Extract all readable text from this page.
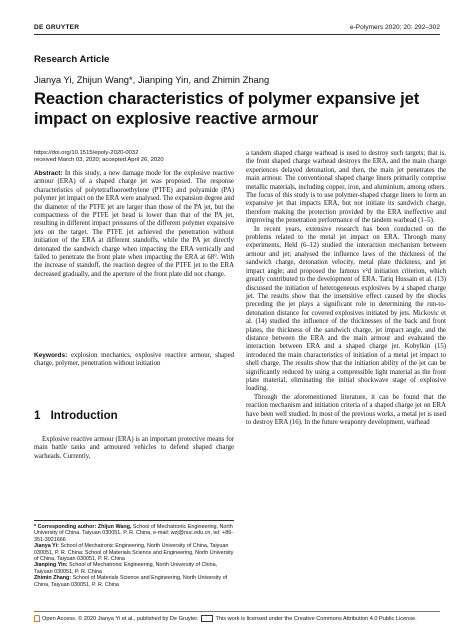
DE GRUYTER	e-Polymers 2020; 20: 292–302
Research Article
Jianya Yi, Zhijun Wang*, Jianping Yin, and Zhimin Zhang
Reaction characteristics of polymer expansive jet impact on explosive reactive armour
https://doi.org/10.1515/epoly-2020-0032
received March 03, 2020; accepted April 26, 2020
Abstract: In this study, a new damage mode for the explosive reactive armour (ERA) of a shaped charge jet was proposed. The response characteristics of polytetrafluoroethylene (PTFE) and polyamide (PA) polymer jet impact on the ERA were analysed. The expansion degree and the diameter of the PTFE jet are larger than those of the PA jet, but the compactness of the PTFE jet head is lower than that of the PA jet, resulting in different impact pressures of the different polymer expansive jets on the target. The PTFE jet achieved the penetration without initiation of the ERA at different standoffs, while the PA jet directly detonated the sandwich charge when impacting the ERA vertically and failed to penetrate the front plate when impacting the ERA at 68°. With the increase of standoff, the reaction degree of the PTFE jet to the ERA decreased gradually, and the aperture of the front plate did not change.
Keywords: explosion mechanics, explosive reactive armour, shaped charge, polymer, penetration without initiation
1 Introduction
Explosive reactive armour (ERA) is an important protective means for main battle tanks and armoured vehicles to defend shaped charge warheads. Currently,

* Corresponding author: Zhijun Wang, School of Mechatronic Engineering, North University of China, Taiyuan 030051, P. R. China, e-mail: wzj@nuc.edu.cn, tel: +86-351-3921666

Jianya Yi: School of Mechatronic Engineering, North University of China, Taiyuan 030051, P. R. China; School of Materials Science and Engineering, North University of China, Taiyuan 030051, P. R. China

Jianping Yin: School of Mechatronic Engineering, North University of China, Taiyuan 030051, P. R. China

Zhimin Zhang: School of Materials Science and Engineering, North University of China, Taiyuan 030051, P. R. China

a tandem shaped charge warhead is used to destroy such targets; that is, the front shaped charge warhead destroys the ERA, and the main charge experiences delayed detonation, and then, the main jet penetrates the main armour. The conventional shaped charge liners primarily comprise metallic materials, including copper, iron, and aluminium, among others. The focus of this study is to use polymer-shaped charge liners to form an expansive jet that impacts ERA, but not initiate its sandwich charge, therefore making the protection provided by the ERA ineffective and improving the penetration performance of the tandem warhead (1–5).

In recent years, extensive research has been conducted on the problems related to the metal jet impact on ERA. Through many experiments, Held (6–12) studied the interaction mechanism between armour and jet; analysed the influence laws of the thickness of the sandwich charge, detonation velocity, metal plate thickness, and jet impact angle; and proposed the famous v²d initiation criterion, which greatly contributed to the development of ERA. Tariq Hussain et al. (13) discussed the initiation of heterogeneous explosives by a shaped charge jet. The results show that the insensitive effect caused by the shocks preceding the jet plays a significant role in determining the run-to-detonation distance for covered explosives initiated by jets. Mickovic et al. (14) studied the influence of the thicknesses of the back and front plates, the thickness of the sandwich charge, jet impact angle, and the distance between the ERA and the main armour and evaluated the interaction between ERA and a shaped charge jet. Kobylkin (15) introduced the main characteristics of initiation of a metal jet impact to shell charge. The results show that the initiation ability of the jet can be significantly reduced by using a compressible light material as the front plate material, eliminating the initial shockwave stage of explosive loading.

Through the aforementioned literature, it can be found that the reaction mechanism and initiation criteria of a shaped charge jet on ERA have been well studied. In most of the previous works, a metal jet is used to destroy ERA (16). In the future weaponry development, warhead

Open Access. © 2020 Jianya Yi et al., published by De Gruyter.	This work is licensed under the Creative Commons Attribution 4.0 Public License.
